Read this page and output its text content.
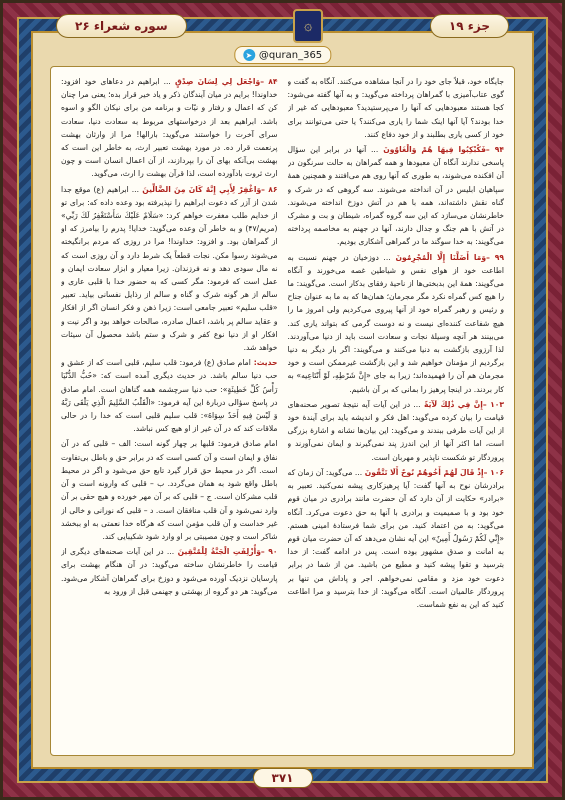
سوره شعراء ۲۶	۞	جزء ۱۹
➤ @quran_365
۸۴ –وَاجْعَل لِي لِسَانَ صِدْقٍ ... ابراهیم در دعاهای خود افزود: خداوندا! برایم در میان آیندگان ذکر و یاد خیر قرار بده؛ یعنی مرا چنان کن که اعمال و رفتار و نیّات و برنامه من برای نیکان الگو و اسوه باشد. ابراهیم بعد از درخواستهای مربوط به سعادت دنیا، سعادت سرای آخرت را خواستند می‌گوید: بارالها! مرا از وارثان بهشت پرنعمت قرار ده. در مورد بهشت تعبیر ارث، به خاطر این است که بهشت بی‌آنکه بهای آن را بپردازند، از آن اعمال انسان است و چون ارث ثروت بادآورده است، لذا قرآن بهشت را ارث، می‌گوید.
۸۶ –وَاغْفِرْ لِأَبِي إِنَّهُ كَانَ مِنَ الضَّالِّينَ ... ابراهیم (ع) موقع جدا شدن از آزر که دعوت ابراهیم را نپذیرفته بود وعده داده که: برای تو از خدایم طلب مغفرت خواهم کرد: «سَلَامٌ عَلَيْكَ سَأَسْتَغْفِرُ لَكَ رَبِّي» (مریم/۴۷) و به خاطر آن وعده می‌گوید: خدایا! پدرم را بیامرز که او از گمراهان بود. و افزود: خداوندا! مرا در روزی که مردم برانگیخته می‌شوند رسوا مکن. نجات قطعاً یک شرط دارد و آن روزی است که نه مال سودی دهد و نه فرزندان. زیرا معیار و ابزار سعادت ایمان و عمل است که فرمود: مگر کسی که به حضور خدا با قلبی عاری و سالم از هر گونه شرک و گناه و سالم از رذایل نفسانی بیاید. تعبیر «قلب سلیم» تعبیر جامعی است: زیرا ذهن و فکر انسان اگر از افکار و عقاید سالم پر باشد، اعمال صادره، صالحات خواهد بود و اگر نیت و افکار او از دنیا نوع کفر و شرک و ستم باشد محصول آن سیئات خواهد شد.
حدیث: امام صادق (ع) فرمود: قلب سلیم، قلبی است که از عشق و حب دنیا سالم باشد. در حدیث دیگری آمده است که: «حُبُّ الدُّنْيَا رَأْسُ كُلِّ خَطِيئَةٍ»: حب دنیا سرچشمه همه گناهان است. امام صادق در پاسخ سؤالی دربارهٔ این آیه فرمود: «الْقَلْبُ السَّلِيمُ الَّذِي يَلْقَى رَبَّهُ وَ لَيْسَ فِيهِ أَحَدٌ سِوَاهُ»: قلب سلیم قلبی است که خدا را در حالی ملاقات کند که در آن غیر از او هیچ کس نباشد.
امام صادق فرمود: قلبها بر چهار گونه است: الف – قلبی که در آن نفاق و ایمان است و آن کسی است که در برابر حق و باطل بی‌تفاوت است. اگر در محیط حق قرار گیرد تابع حق می‌شود و اگر در محیط باطل واقع شود به همان می‌گردد. ب – قلبی که وارونه است و آن قلب مشرکان است. ج – قلبی که بر آن مهر خورده و هیچ حقی بر آن وارد نمی‌شود و آن قلب منافقان است. د – قلبی که نورانی و خالی از غیر خداست و آن قلب مؤمن است که هرگاه خدا نعمتی به او ببخشد شاکر است و چون مصیبتی بر او وارد شود شکیبایی کند.
۹۰ –وَأُزْلِفَتِ الْجَنَّةُ لِلْمُتَّقِينَ ... در این آیات صحنه‌های دیگری از قیامت را خاطرنشان ساخته می‌گوید: در آن هنگام بهشت برای پارسایان نزدیک آورده می‌شود و دوزخ برای گمراهان آشکار می‌شود. می‌گوید: هر دو گروه از بهشتی و جهنمی قبل از ورود به
جایگاه خود، قبلاً جای خود را در آنجا مشاهده می‌کنند. آنگاه به گفت و گوی عتاب‌آمیزی با گمراهان پرداخته می‌گوید: و به آنها گفته می‌شود: کجا هستند معبودهایی که آنها را می‌پرستیدید؟ معبودهایی که غیر از خدا بودند؟ آیا آنها اینک شما را یاری می‌کنند؟ یا حتی می‌توانند برای خود از کسی یاری بطلبند و از خود دفاع کنند.
۹۴ –فَكُبْكِبُوا فِيهَا هُمْ وَالْغَاوُونَ ... آنها در برابر این سؤال پاسخی ندارند آنگاه آن معبودها و همه گمراهان به حالت سرنگون در آن افکنده می‌شوند، به طوری که آنها روی هم می‌افتند و همچنین همهٔ سپاهیان ابلیس در آن انداخته می‌شوند. سه گروهی که در شرک و گناه نقش داشته‌اند، همه با هم در آتش دوزخ انداخته می‌شوند. خاطرنشان می‌سازد که این سه گروه گمراه، شیطان و بت و مشرک در آتش با هم جنگ و جدال دارند، آنها در جهنم به مخاصمه پرداخته می‌گویند: به خدا سوگند ما در گمراهی آشکاری بودیم.
۹۹ –وَمَا أَضَلَّنَا إِلَّا الْمُجْرِمُونَ ... دوزخیان در جهنم نسبت به اطاعت خود از هوای نفس و شیاطین غصه می‌خورند و آنگاه می‌گویند: همهٔ این بدبختی‌ها از ناحیهٔ رفقای بدکار است. می‌گویند: ما را هیچ کس گمراه نکرد مگر مجرمان؛ همان‌ها که به ما به عنوان جناح و رئیس و رهبر گمراه خود از آنها پیروی می‌کردیم ولی امروز ما را هیچ شفاعت کننده‌ای نیست و نه دوست گرمی که بتواند یاری کند. می‌بینند هر آنچه وسیلهٔ نجات و سعادت است باید از دنیا می‌آوردند. لذا آرزوی بازگشت به دنیا می‌کنند و می‌گویند: اگر بار دیگر به دنیا برگردیم از مؤمنان خواهیم شد و این بازگشت غیرممکن است و خود مجرمان هم آن را فهمیده‌اند؛ زیرا به جای «إِنَّ شَرْطِهِ، لَوْ أَنْتَاعِيه» به کار بردند. در اینجا پرهیز را بمانی که بر آن باشیم.
۱۰۳ –إِنَّ فِي ذَٰلِكَ لَآيَةً ... در این آیات آیه نتیجهٔ تصویر صحنه‌های قیامت را بیان کرده می‌گوید: اهل فکر و اندیشه باید برای آیندهٔ خود از این آیات طرفی ببندند و می‌گوید: این بیان‌ها نشانه و اشارهٔ بزرگی است، اما اکثر آنها از این اندرز پند نمی‌گیرند و ایمان نمی‌آورند و پروردگار تو شکست ناپذیر و مهربان است.
۱۰۶ –إِذْ قَالَ لَهُمْ أَخُوهُمْ نُوحٌ أَلَا تَتَّقُونَ ... می‌گوید: آن زمان که برادرشان نوح به آنها گفت: آیا پرهیزکاری پیشه نمی‌کنید. تعبیر به «برادر» حکایت از آن دارد که آن حضرت مانند برادری در میان قوم خود بود و با صمیمیت و برادری با آنها به حق دعوت می‌کرد. آنگاه می‌گوید: به من اعتماد کنید. من برای شما فرستادهٔ امینی هستم. «إِنِّي لَكُمْ رَسُولٌ أَمِينٌ» این آیه نشان می‌دهد که آن حضرت میان قوم به امانت و صدق مشهور بوده است. پس در ادامه گفت: از خدا بترسید و تقوا پیشه کنید و مطیع من باشید. من از شما در برابر دعوت خود مزد و مقامی نمی‌خواهم. اجر و پاداش من تنها بر پروردگار عالمیان است. آنگاه می‌گوید: از خدا بترسید و مرا اطاعت کنید که این به نفع شماست.
۳۷۱
